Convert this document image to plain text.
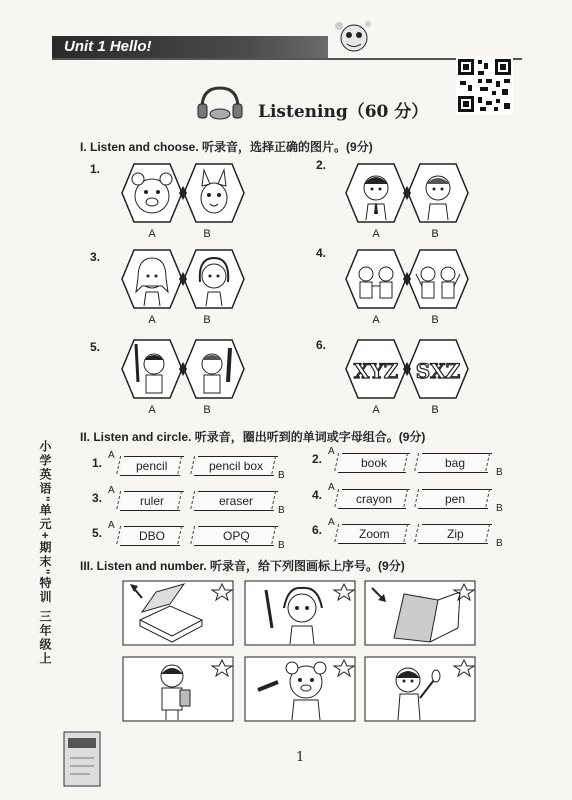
Unit 1 Hello!
小学英语"单元+期末"特训 三年级上
Listening（60 分）
I. Listen and choose. 听录音，选择正确的图片。(9分)
1.
A	B
2.
A	B
3.
A	B
4.
A	B
5.
A	B
6.
XYZ SXZ
A	B
II. Listen and circle. 听录音，圈出听到的单词或字母组合。(9分)
1.
A
pencil	pencil box
B
3.
A
ruler	eraser
B
5.
A
DBO	OPQ
B
2.
A
book	bag
B
4.
A
crayon	pen
B
6.
A
Zoom	Zip
B
III. Listen and number. 听录音，给下列图画标上序号。(9分)
1
